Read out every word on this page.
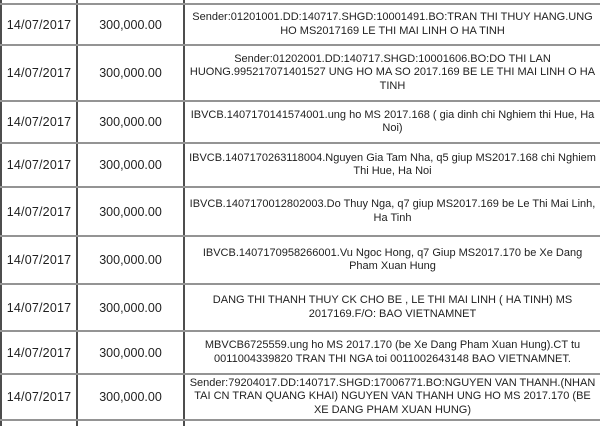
14/07/2017	300,000.00	Sender:01201001.DD:140717.SHGD:10001491.BO:TRAN THI THUY HANG.UNG HO MS2017169 LE THI MAI LINH O HA TINH
14/07/2017	300,000.00	Sender:01202001.DD:140717.SHGD:10001606.BO:DO THI LAN HUONG.995217071401527 UNG HO MA SO 2017.169 BE LE THI MAI LINH O HA TINH
14/07/2017	300,000.00	IBVCB.1407170141574001.ung ho MS 2017.168 ( gia dinh chi Nghiem thi Hue, Ha Noi)
14/07/2017	300,000.00	IBVCB.1407170263118004.Nguyen Gia Tam Nha, q5 giup MS2017.168 chi Nghiem Thi Hue, Ha Noi
14/07/2017	300,000.00	IBVCB.1407170012802003.Do Thuy Nga, q7 giup MS2017.169 be Le Thi Mai Linh, Ha Tinh
14/07/2017	300,000.00	IBVCB.1407170958266001.Vu Ngoc Hong, q7 Giup MS2017.170 be Xe Dang Pham Xuan Hung
14/07/2017	300,000.00	DANG THI THANH THUY CK CHO BE , LE THI MAI LINH ( HA TINH) MS 2017169.F/O: BAO VIETNAMNET
14/07/2017	300,000.00	MBVCB6725559.ung ho MS 2017.170 (be Xe Dang Pham Xuan Hung).CT tu 0011004339820 TRAN THI NGA toi 0011002643148 BAO VIETNAMNET.
14/07/2017	300,000.00	Sender:79204017.DD:140717.SHGD:17006771.BO:NGUYEN VAN THANH.(NHAN TAI CN TRAN QUANG KHAI) NGUYEN VAN THANH UNG HO MS 2017.170 (BE XE DANG PHAM XUAN HUNG)
